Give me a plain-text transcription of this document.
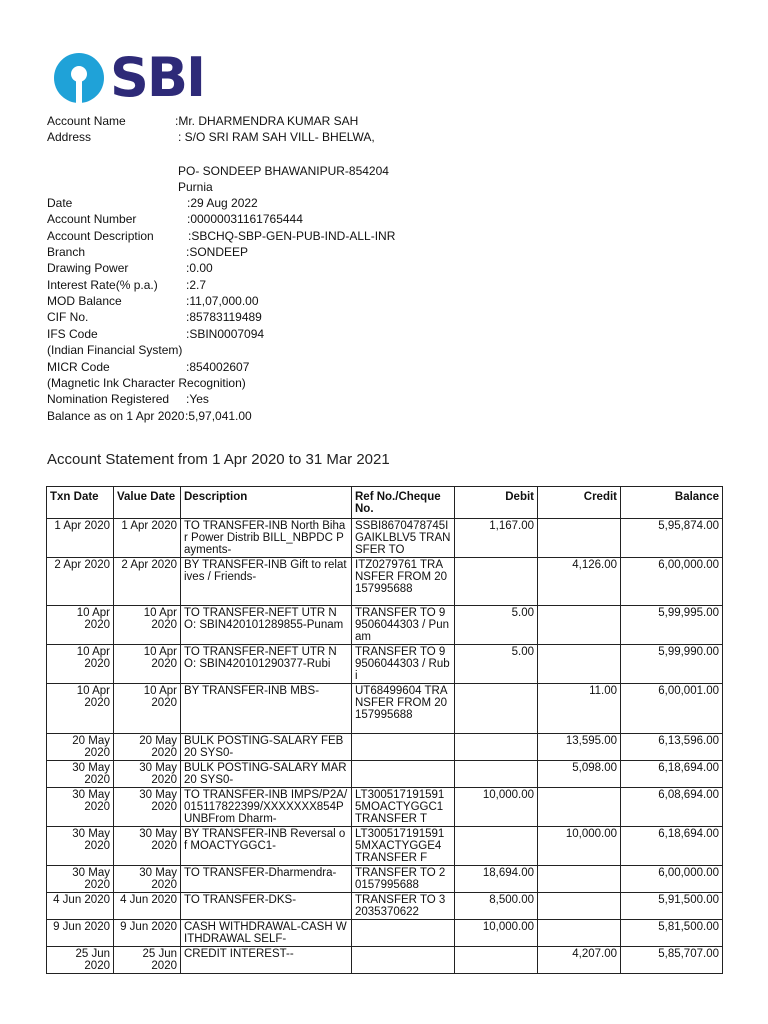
SBI
Account Name	:Mr. DHARMENDRA KUMAR SAH
Address	: S/O SRI RAM SAH VILL- BHELWA,
PO- SONDEEP BHAWANIPUR-854204
Purnia
Date	:29 Aug 2022
Account Number	:00000031161765444
Account Description	:SBCHQ-SBP-GEN-PUB-IND-ALL-INR
Branch	:SONDEEP
Drawing Power	:0.00
Interest Rate(% p.a.) :2.7
MOD Balance	:11,07,000.00
CIF No.	:85783119489
IFS Code	:SBIN0007094
(Indian Financial System)
MICR Code	:854002607
(Magnetic Ink Character Recognition)
Nomination Registered :Yes
Balance as on 1 Apr 2020 :5,97,041.00
Account Statement from 1 Apr 2020 to 31 Mar 2021
Txn Date	Value Date	Description	Ref No./Cheque No.	Debit	Credit	Balance
1 Apr 2020	1 Apr 2020	TO TRANSFER-INB North Bihar Power Distrib BILL_NBPDC Payments-	SSBI8670478745I GAIKLBLV5 TRANSFER TO	1,167.00		5,95,874.00
2 Apr 2020	2 Apr 2020	BY TRANSFER-INB Gift to relatives / Friends-	ITZ0279761 TRANSFER FROM 20157995688		4,126.00	6,00,000.00
10 Apr 2020	10 Apr 2020	TO TRANSFER-NEFT UTR NO: SBIN420101289855-Punam	TRANSFER TO 99506044303 / Punam	5.00		5,99,995.00
10 Apr 2020	10 Apr 2020	TO TRANSFER-NEFT UTR NO: SBIN420101290377-Rubi	TRANSFER TO 99506044303 / Rubi	5.00		5,99,990.00
10 Apr 2020	10 Apr 2020	BY TRANSFER-INB MBS-	UT68499604 TRANSFER FROM 20157995688		11.00	6,00,001.00
20 May 2020	20 May 2020	BULK POSTING-SALARY FEB 20 SYS0-			13,595.00	6,13,596.00
30 May 2020	30 May 2020	BULK POSTING-SALARY MAR 20 SYS0-			5,098.00	6,18,694.00
30 May 2020	30 May 2020	TO TRANSFER-INB IMPS/P2A/015117822399/XXXXXXX854PUNBFrom Dharm-	LT300517191591 5MOACTYGGC1 TRANSFER T	10,000.00		6,08,694.00
30 May 2020	30 May 2020	BY TRANSFER-INB Reversal of MOACTYGGC1-	LT300517191591 5MXACTYGGE4 TRANSFER F		10,000.00	6,18,694.00
30 May 2020	30 May 2020	TO TRANSFER-Dharmendra-	TRANSFER TO 20157995688	18,694.00		6,00,000.00
4 Jun 2020	4 Jun 2020	TO TRANSFER-DKS-	TRANSFER TO 32035370622	8,500.00		5,91,500.00
9 Jun 2020	9 Jun 2020	CASH WITHDRAWAL-CASH WITHDRAWAL SELF-		10,000.00		5,81,500.00
25 Jun 2020	25 Jun 2020	CREDIT INTEREST--			4,207.00	5,85,707.00
